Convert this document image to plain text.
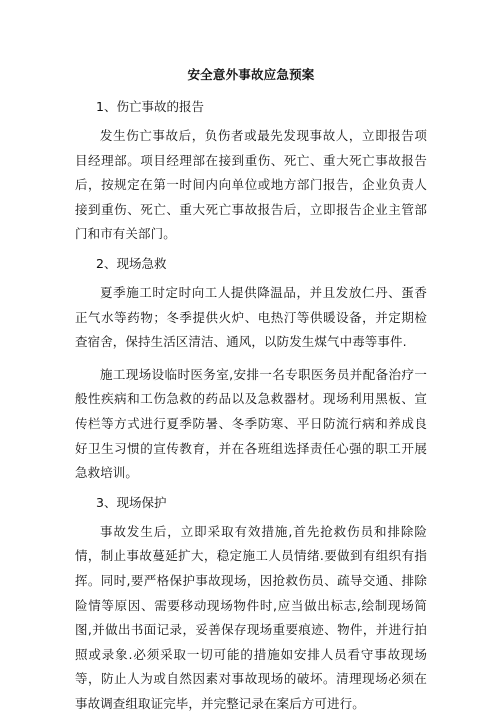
安全意外事故应急预案
1、伤亡事故的报告

发生伤亡事故后，负伤者或最先发现事故人，立即报告项目经理部。项目经理部在接到重伤、死亡、重大死亡事故报告后，按规定在第一时间内向单位或地方部门报告，企业负责人接到重伤、死亡、重大死亡事故报告后，立即报告企业主管部门和市有关部门。

2、现场急救

夏季施工时定时向工人提供降温品，并且发放仁丹、蛋香正气水等药物；冬季提供火炉、电热汀等供暖设备，并定期检查宿舍，保持生活区清洁、通风，以防发生煤气中毒等事件.

施工现场设临时医务室,安排一名专职医务员并配备治疗一般性疾病和工伤急救的药品以及急救器材。现场利用黑板、宣传栏等方式进行夏季防暑、冬季防寒、平日防流行病和养成良好卫生习惯的宣传教育，并在各班组选择责任心强的职工开展急救培训。

3、现场保护

事故发生后，立即采取有效措施,首先抢救伤员和排除险情，制止事故蔓延扩大，稳定施工人员情绪.要做到有组织有指挥。同时,要严格保护事故现场，因抢救伤员、疏导交通、排除险情等原因、需要移动现场物件时,应当做出标志,绘制现场简图,并做出书面记录，妥善保存现场重要痕迹、物件，并进行拍照或录象.必须采取一切可能的措施如安排人员看守事故现场等，防止人为或自然因素对事故现场的破坏。清理现场必须在事故调查组取证完毕，并完整记录在案后方可进行。
